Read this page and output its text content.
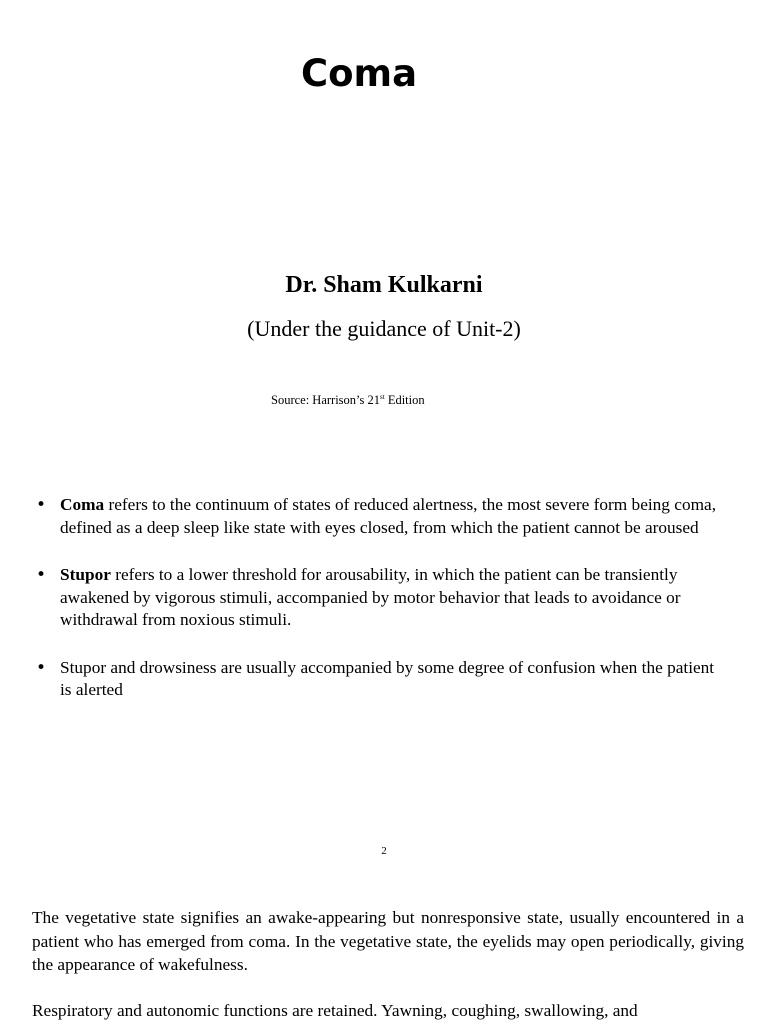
Coma
Dr. Sham Kulkarni
(Under the guidance of Unit-2)
Source: Harrison’s 21st Edition
• Coma refers to the continuum of states of reduced alertness, the most severe form being coma, defined as a deep sleep like state with eyes closed, from which the patient cannot be aroused
• Stupor refers to a lower threshold for arousability, in which the patient can be transiently awakened by vigorous stimuli, accompanied by motor behavior that leads to avoidance or withdrawal from noxious stimuli.
• Stupor and drowsiness are usually accompanied by some degree of confusion when the patient is alerted
2

The vegetative state signifies an awake-appearing but nonresponsive state, usually encountered in a patient who has emerged from coma. In the vegetative state, the eyelids may open periodically, giving the appearance of wakefulness.

Respiratory and autonomic functions are retained. Yawning, coughing, swallowing, and
